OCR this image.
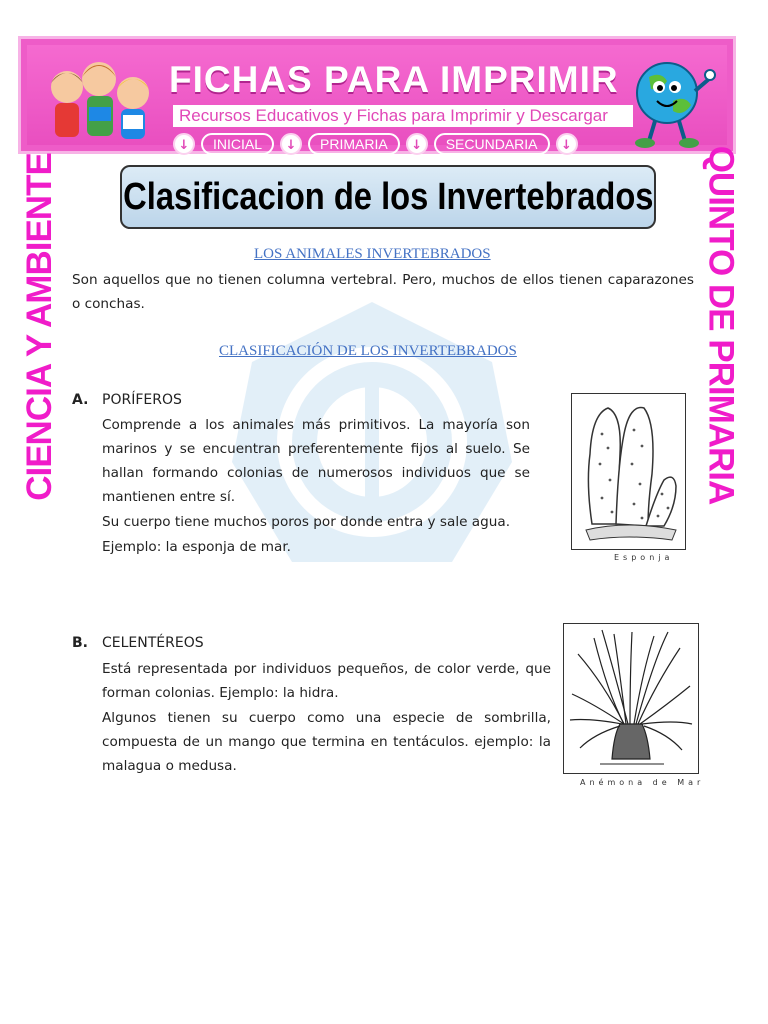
FICHAS PARA IMPRIMIR
Recursos Educativos y Fichas para Imprimir y Descargar
↓	INICIAL	↓	PRIMARIA	↓	SECUNDARIA	↓
CIENCIA Y AMBIENTE	QUINTO DE PRIMARIA
Clasificacion de los Invertebrados
LOS ANIMALES INVERTEBRADOS

Son aquellos que no tienen columna vertebral. Pero, muchos de ellos tienen caparazones o conchas.

CLASIFICACIÓN DE LOS INVERTEBRADOS
A. PORÍFEROS

Comprende a los animales más primitivos. La mayoría son marinos y se encuentran preferentemente fijos al suelo. Se hallan formando colonias de numerosos individuos que se mantienen entre sí.

Su cuerpo tiene muchos poros por donde entra y sale agua.

Ejemplo: la esponja de mar.

Esponja
B. CELENTÉREOS

Está representada por individuos pequeños, de color verde, que forman colonias. Ejemplo: la hidra.

Algunos tienen su cuerpo como una especie de sombrilla, compuesta de un mango que termina en tentáculos. ejemplo: la malagua o medusa.

Anémona de Mar
